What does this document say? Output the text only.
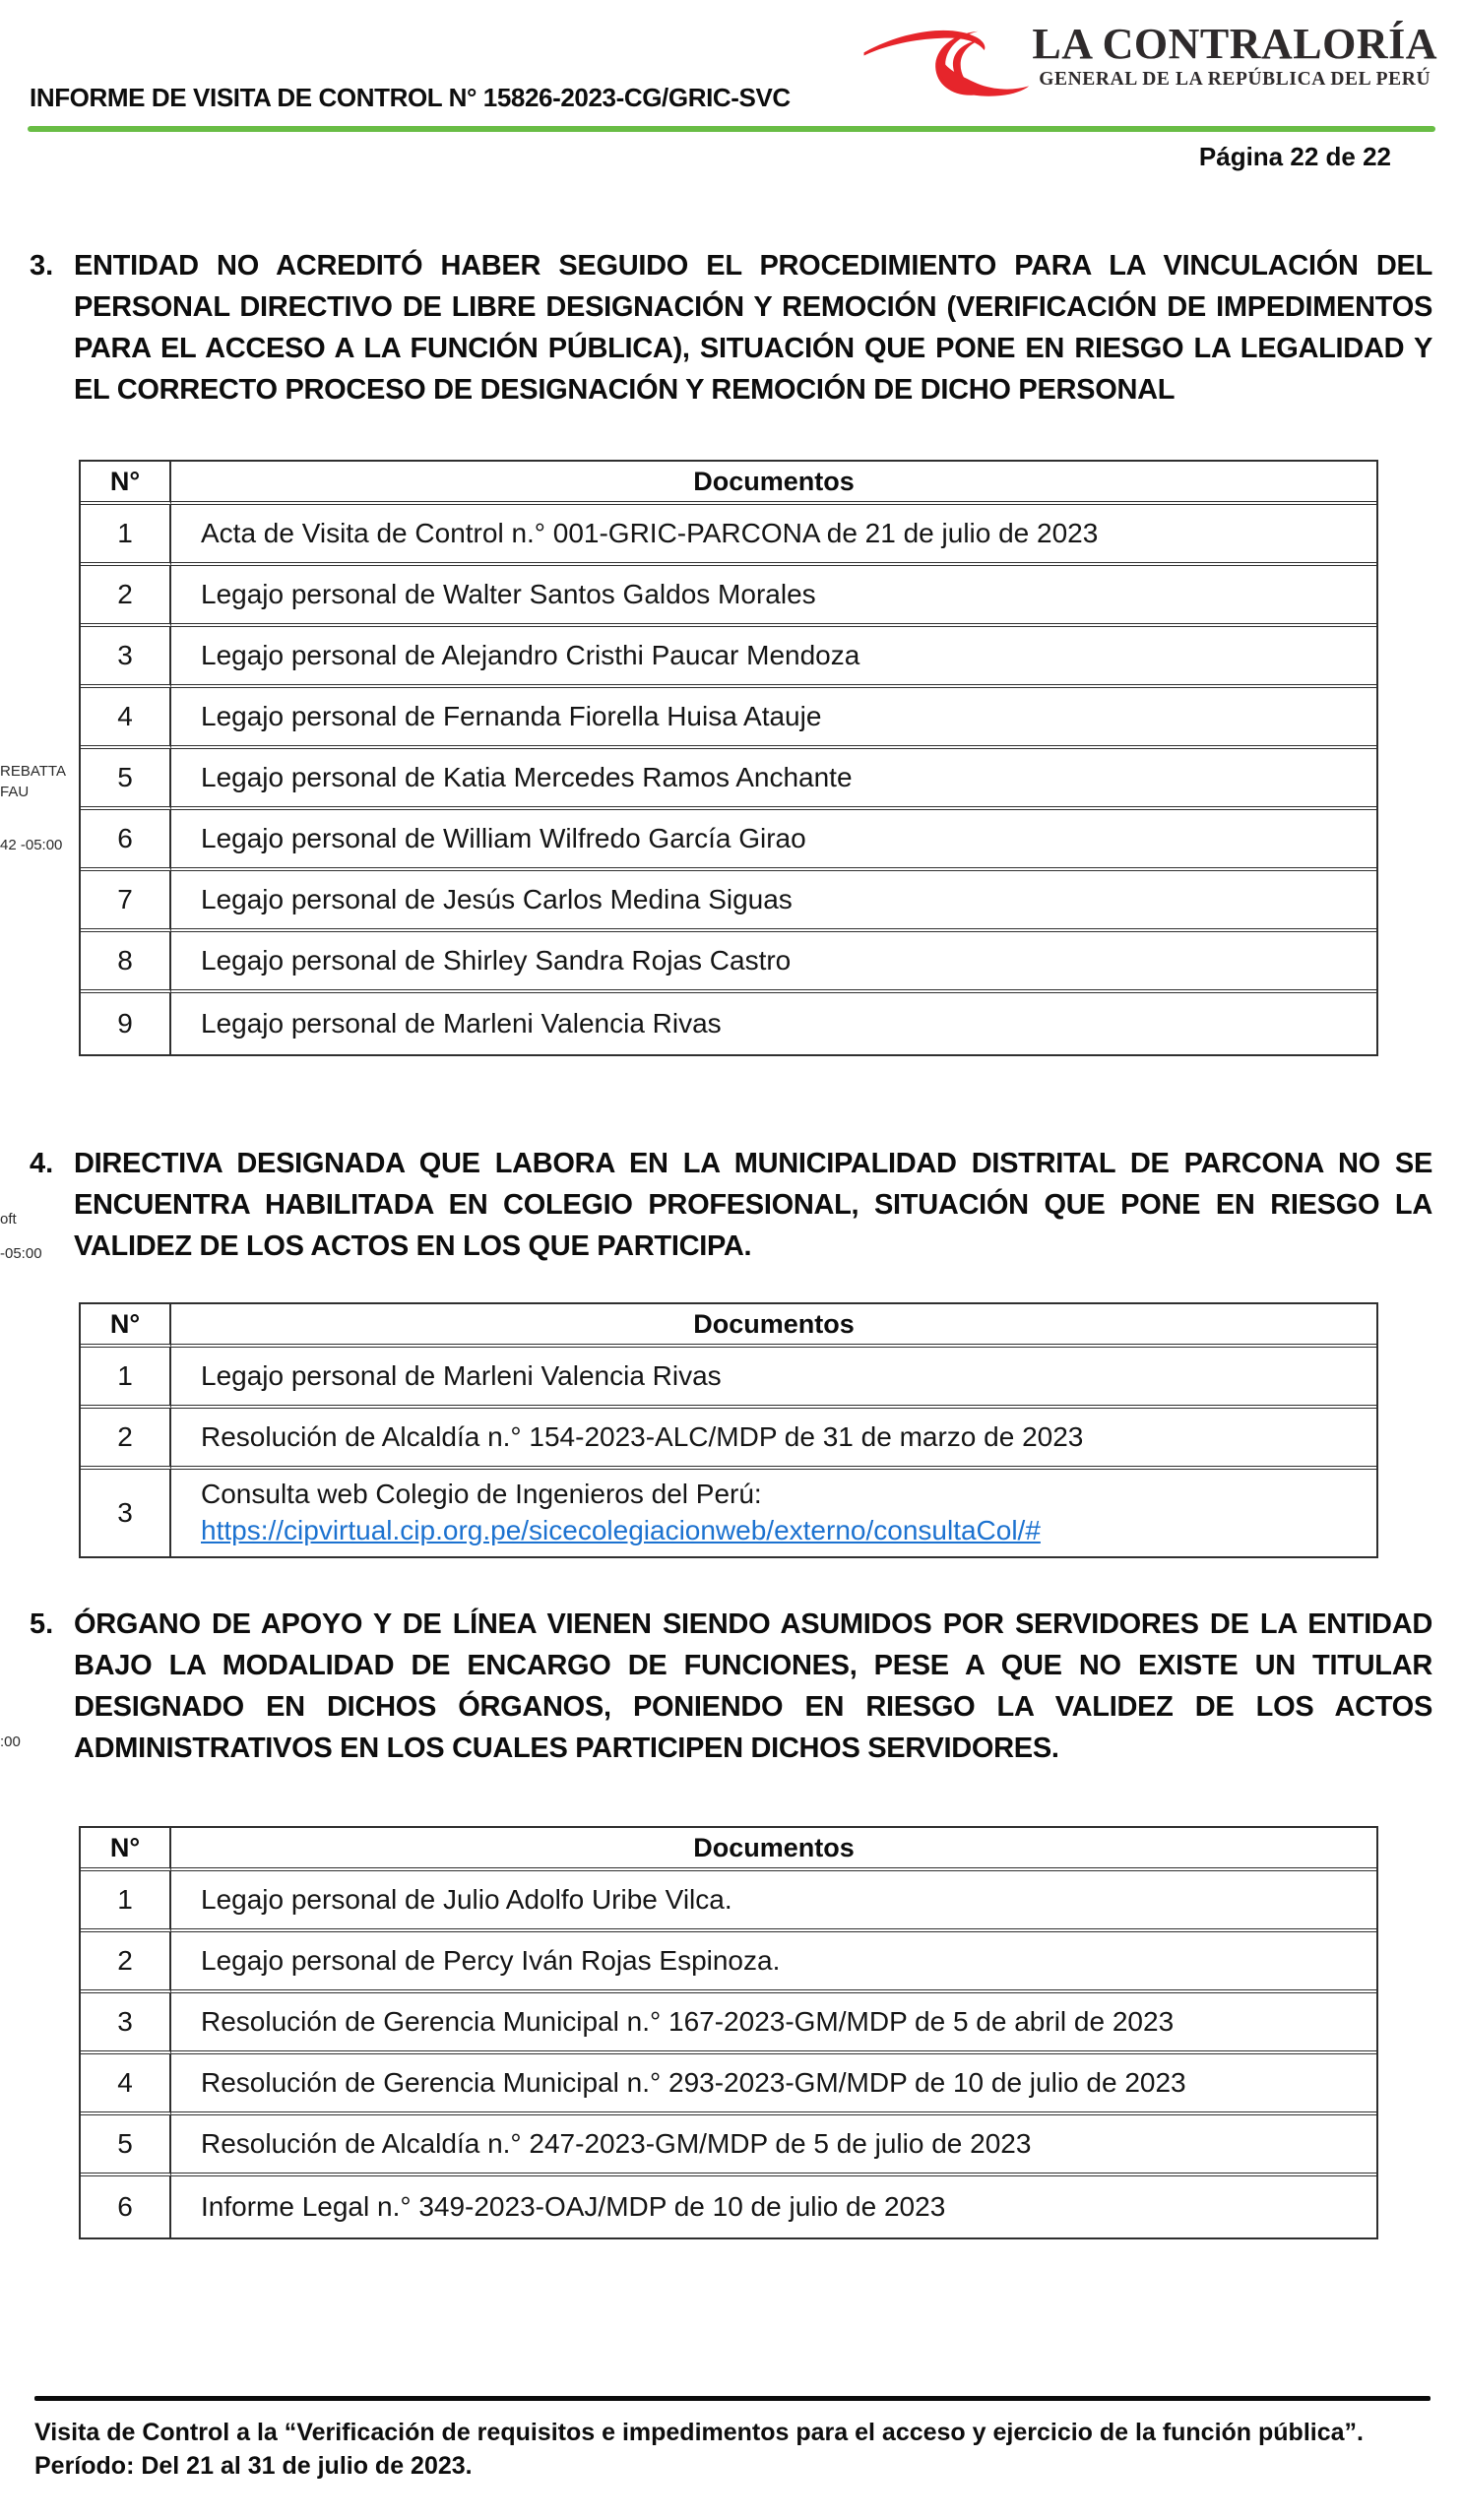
INFORME DE VISITA DE CONTROL N° 15826-2023-CG/GRIC-SVC
LA CONTRALORÍA
GENERAL DE LA REPÚBLICA DEL PERÚ
Página 22 de 22
3. ENTIDAD NO ACREDITÓ HABER SEGUIDO EL PROCEDIMIENTO PARA LA VINCULACIÓN DEL PERSONAL DIRECTIVO DE LIBRE DESIGNACIÓN Y REMOCIÓN (VERIFICACIÓN DE IMPEDIMENTOS PARA EL ACCESO A LA FUNCIÓN PÚBLICA), SITUACIÓN QUE PONE EN RIESGO LA LEGALIDAD Y EL CORRECTO PROCESO DE DESIGNACIÓN Y REMOCIÓN DE DICHO PERSONAL
N°	Documentos
1	Acta de Visita de Control n.° 001-GRIC-PARCONA de 21 de julio de 2023
2	Legajo personal de Walter Santos Galdos Morales
3	Legajo personal de Alejandro Cristhi Paucar Mendoza
4	Legajo personal de Fernanda Fiorella Huisa Atauje
5	Legajo personal de Katia Mercedes Ramos Anchante
6	Legajo personal de William Wilfredo García Girao
7	Legajo personal de Jesús Carlos Medina Siguas
8	Legajo personal de Shirley Sandra Rojas Castro
9	Legajo personal de Marleni Valencia Rivas
4. DIRECTIVA DESIGNADA QUE LABORA EN LA MUNICIPALIDAD DISTRITAL DE PARCONA NO SE ENCUENTRA HABILITADA EN COLEGIO PROFESIONAL, SITUACIÓN QUE PONE EN RIESGO LA VALIDEZ DE LOS ACTOS EN LOS QUE PARTICIPA.
N°	Documentos
1	Legajo personal de Marleni Valencia Rivas
2	Resolución de Alcaldía n.° 154-2023-ALC/MDP de 31 de marzo de 2023
3	Consulta web Colegio de Ingenieros del Perú:
https://cipvirtual.cip.org.pe/sicecolegiacionweb/externo/consultaCol/#
5. ÓRGANO DE APOYO Y DE LÍNEA VIENEN SIENDO ASUMIDOS POR SERVIDORES DE LA ENTIDAD BAJO LA MODALIDAD DE ENCARGO DE FUNCIONES, PESE A QUE NO EXISTE UN TITULAR DESIGNADO EN DICHOS ÓRGANOS, PONIENDO EN RIESGO LA VALIDEZ DE LOS ACTOS ADMINISTRATIVOS EN LOS CUALES PARTICIPEN DICHOS SERVIDORES.
N°	Documentos
1	Legajo personal de Julio Adolfo Uribe Vilca.
2	Legajo personal de Percy Iván Rojas Espinoza.
3	Resolución de Gerencia Municipal n.° 167-2023-GM/MDP de 5 de abril de 2023
4	Resolución de Gerencia Municipal n.° 293-2023-GM/MDP de 10 de julio de 2023
5	Resolución de Alcaldía n.° 247-2023-GM/MDP de 5 de julio de 2023
6	Informe Legal n.° 349-2023-OAJ/MDP de 10 de julio de 2023
Visita de Control a la “Verificación de requisitos e impedimentos para el acceso y ejercicio de la función pública”.
Período: Del 21 al 31 de julio de 2023.
REBATTA
FAU
42 -05:00
oft
-05:00
:00
